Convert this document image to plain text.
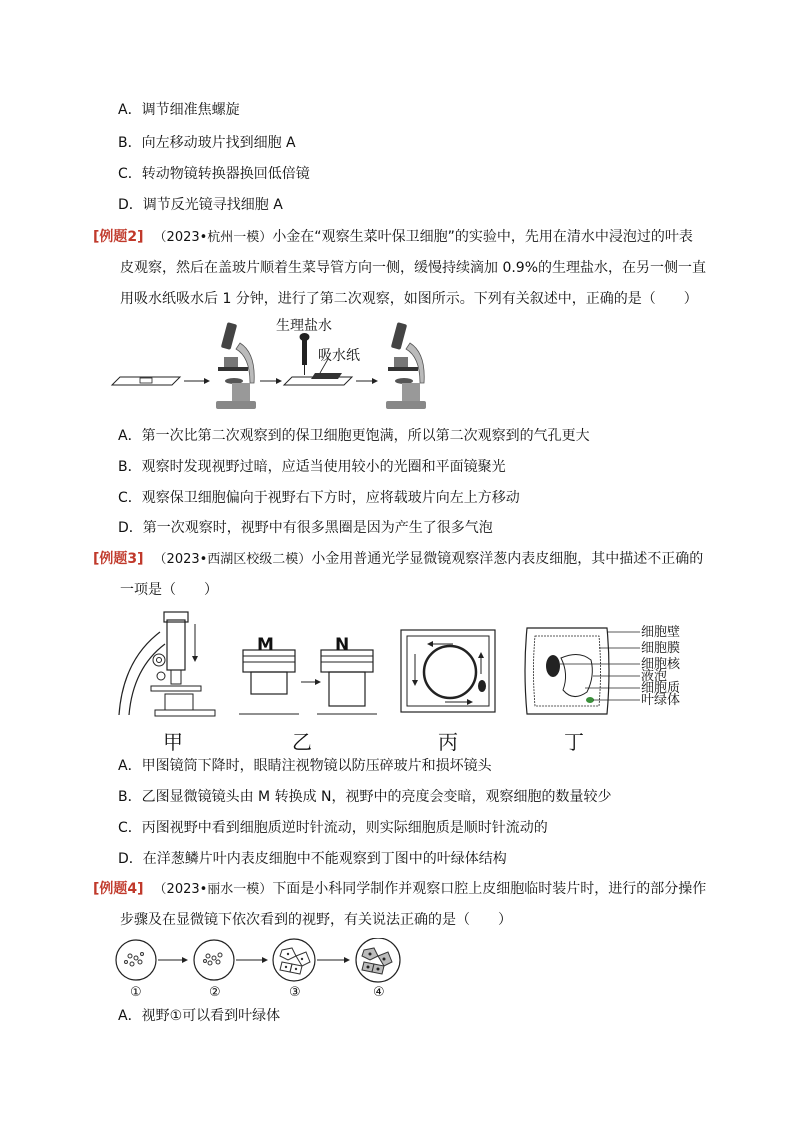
A．调节细准焦螺旋
B．向左移动玻片找到细胞 A
C．转动物镜转换器换回低倍镜
D．调节反光镜寻找细胞 A
[例题2] （2023•杭州一模）小金在“观察生菜叶保卫细胞”的实验中，先用在清水中浸泡过的叶表
皮观察，然后在盖玻片顺着生菜导管方向一侧，缓慢持续滴加 0.9%的生理盐水，在另一侧一直
用吸水纸吸水后 1 分钟，进行了第二次观察，如图所示。下列有关叙述中，正确的是（　　）
生理盐水
吸水纸
A．第一次比第二次观察到的保卫细胞更饱满，所以第二次观察到的气孔更大
B．观察时发现视野过暗，应适当使用较小的光圈和平面镜聚光
C．观察保卫细胞偏向于视野右下方时，应将载玻片向左上方移动
D．第一次观察时，视野中有很多黑圈是因为产生了很多气泡
[例题3] （2023•西湖区校级二模）小金用普通光学显微镜观察洋葱内表皮细胞，其中描述不正确的
一项是（　　）
M	N
细胞壁
细胞膜
细胞核
液泡
细胞质
叶绿体
甲	乙	丙	丁
A．甲图镜筒下降时，眼睛注视物镜以防压碎玻片和损坏镜头
B．乙图显微镜镜头由 M 转换成 N，视野中的亮度会变暗，观察细胞的数量较少
C．丙图视野中看到细胞质逆时针流动，则实际细胞质是顺时针流动的
D．在洋葱鳞片叶内表皮细胞中不能观察到丁图中的叶绿体结构
[例题4] （2023•丽水一模）下面是小科同学制作并观察口腔上皮细胞临时装片时，进行的部分操作
步骤及在显微镜下依次看到的视野，有关说法正确的是（　　）
①	②	③	④
A．视野①可以看到叶绿体
